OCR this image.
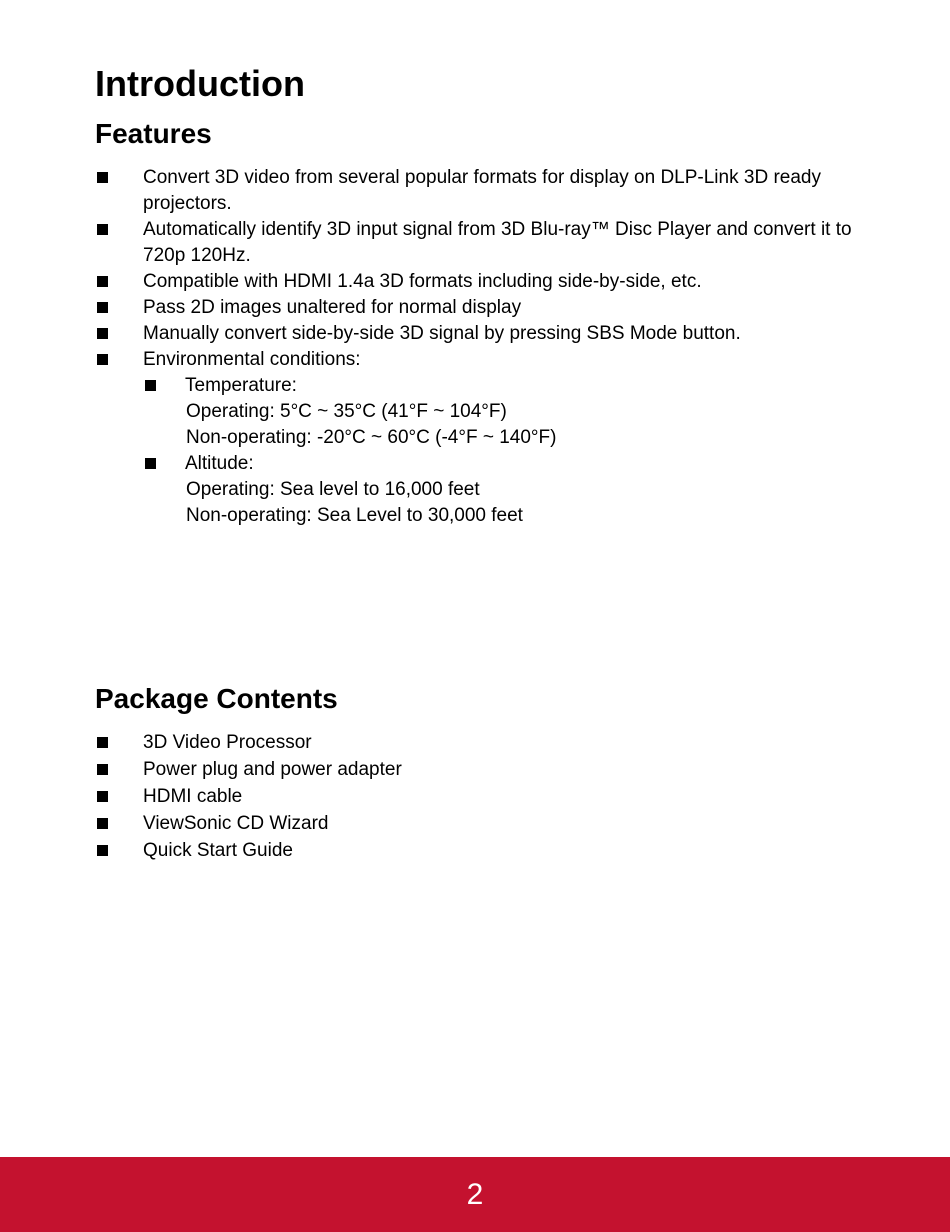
Introduction
Features
Convert 3D video from several popular formats for display on DLP-Link 3D ready projectors.
Automatically identify 3D input signal from 3D Blu-ray™ Disc Player and convert it to 720p 120Hz.
Compatible with HDMI 1.4a 3D formats including side-by-side, etc.
Pass 2D images unaltered for normal display
Manually convert side-by-side 3D signal by pressing SBS Mode button.
Environmental conditions:
Temperature:
Operating: 5°C ~ 35°C (41°F ~ 104°F)
Non-operating: -20°C ~ 60°C (-4°F ~ 140°F)
Altitude:
Operating: Sea level to 16,000 feet
Non-operating: Sea Level to 30,000 feet
Package Contents
3D Video Processor
Power plug and power adapter
HDMI cable
ViewSonic CD Wizard
Quick Start Guide
2
